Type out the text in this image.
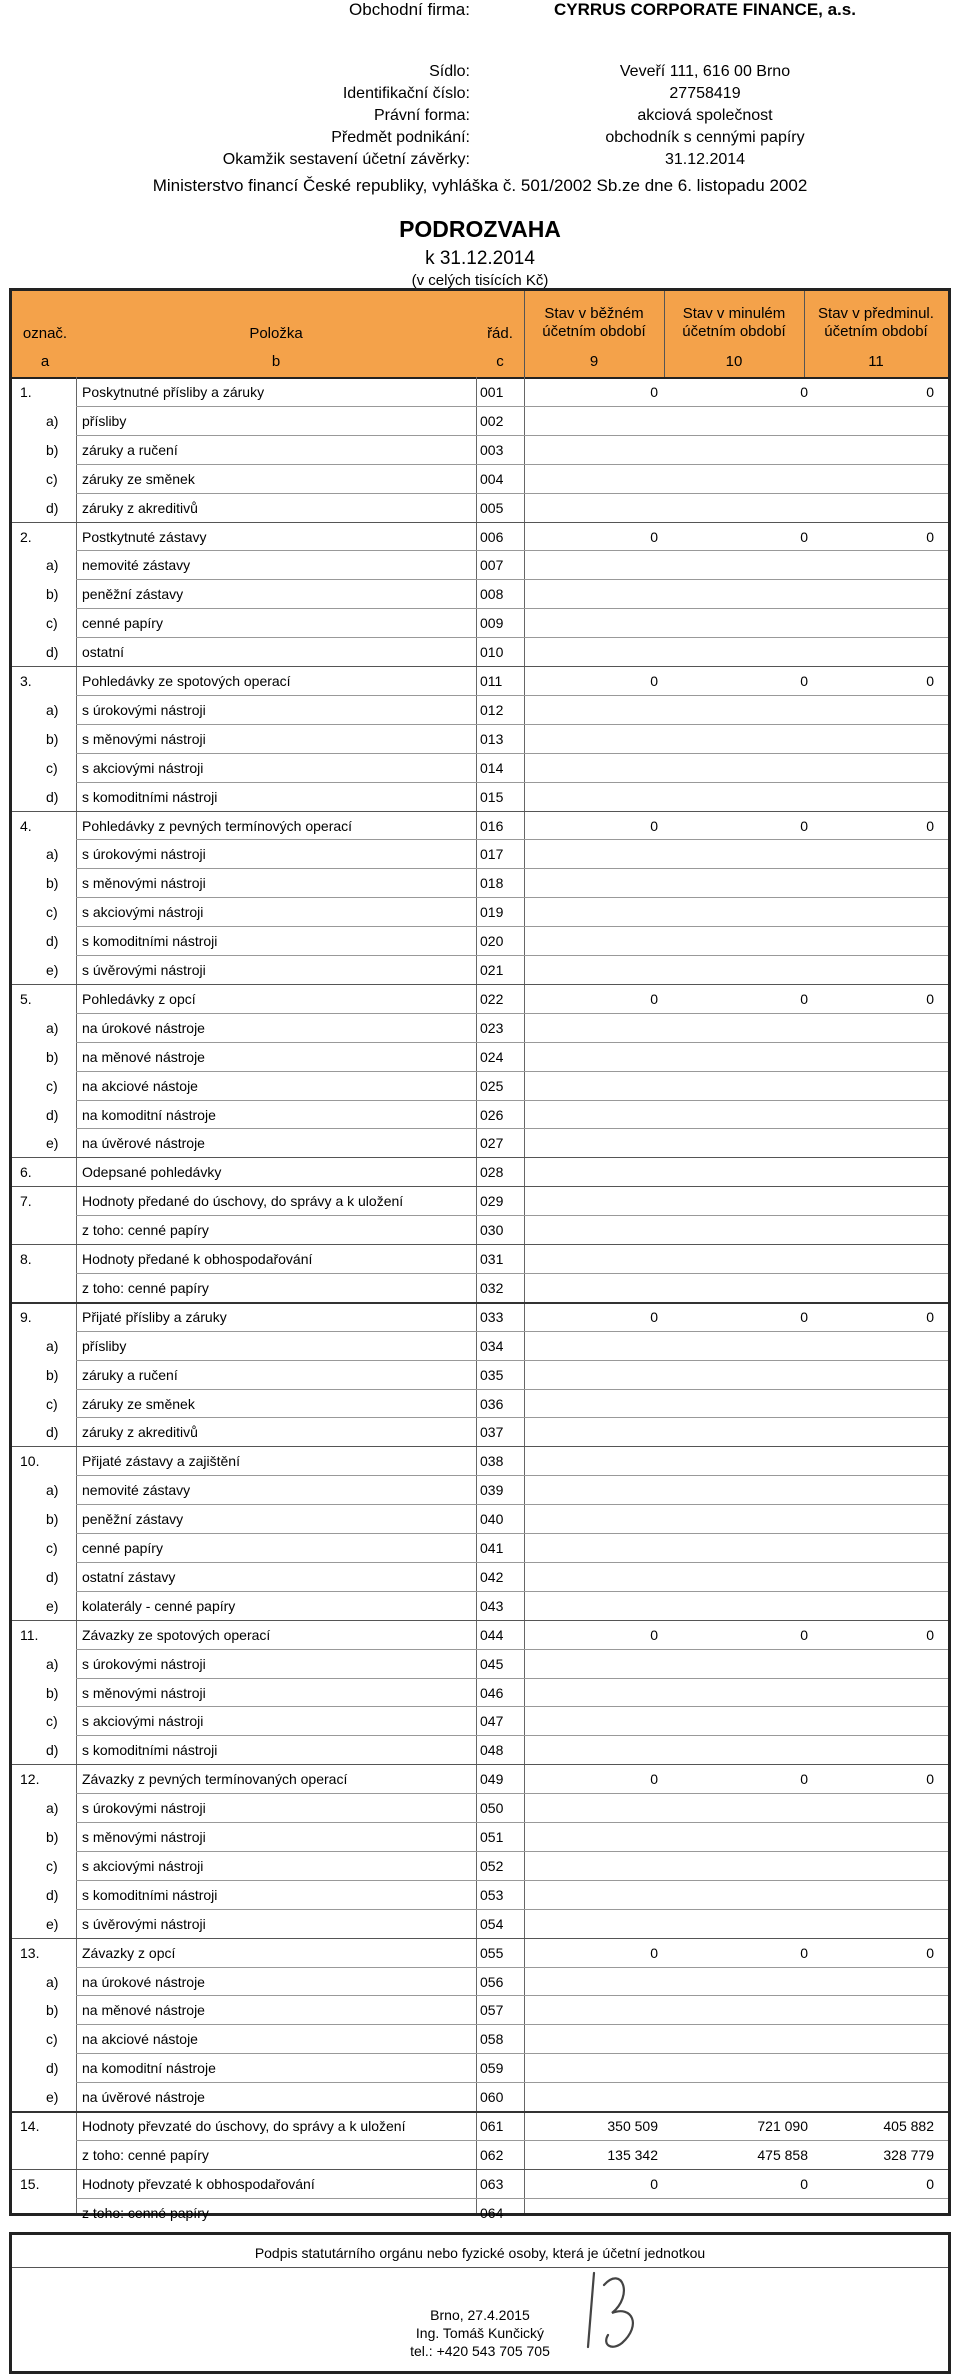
Obchodní firma:	CYRRUS CORPORATE FINANCE, a.s.
Sídlo:	Veveří 111, 616 00 Brno
Identifikační číslo:	27758419
Právní forma:	akciová společnost
Předmět podnikání:	obchodník s cennými papíry
Okamžik sestavení účetní závěrky:	31.12.2014
Ministerstvo financí České republiky, vyhláška č. 501/2002 Sb.ze dne 6. listopadu 2002
PODROZVAHA
k 31.12.2014
(v celých tisících Kč)
označ.	Položka	řád.
Stav v běžném
účetním období
Stav v minulém
účetním období
Stav v předminul.
účetním období
a	b	c	9	10	11
1.	Poskytnutné přísliby a záruky	001	0	0	0
a)	přísliby	002
b)	záruky a ručení	003
c)	záruky ze směnek	004
d)	záruky z akreditivů	005
2.	Postkytnuté zástavy	006	0	0	0
a)	nemovité zástavy	007
b)	peněžní zástavy	008
c)	cenné papíry	009
d)	ostatní	010
3.	Pohledávky ze spotových operací	011	0	0	0
a)	s úrokovými nástroji	012
b)	s měnovými nástroji	013
c)	s akciovými nástroji	014
d)	s komoditními nástroji	015
4.	Pohledávky z pevných termínových operací	016	0	0	0
a)	s úrokovými nástroji	017
b)	s měnovými nástroji	018
c)	s akciovými nástroji	019
d)	s komoditními nástroji	020
e)	s úvěrovými nástroji	021
5.	Pohledávky z opcí	022	0	0	0
a)	na úrokové nástroje	023
b)	na měnové nástroje	024
c)	na akciové nástoje	025
d)	na komoditní nástroje	026
e)	na úvěrové nástroje	027
6.	Odepsané pohledávky	028
7.	Hodnoty předané do úschovy, do správy a k uložení	029
z toho: cenné papíry	030
8.	Hodnoty předané k obhospodařování	031
z toho: cenné papíry	032
9.	Přijaté přísliby a záruky	033	0	0	0
a)	přísliby	034
b)	záruky a ručení	035
c)	záruky ze směnek	036
d)	záruky z akreditivů	037
10.	Přijaté zástavy a zajištění	038
a)	nemovité zástavy	039
b)	peněžní zástavy	040
c)	cenné papíry	041
d)	ostatní zástavy	042
e)	kolaterály - cenné papíry	043
11.	Závazky ze spotových operací	044	0	0	0
a)	s úrokovými nástroji	045
b)	s měnovými nástroji	046
c)	s akciovými nástroji	047
d)	s komoditními nástroji	048
12.	Závazky z pevných termínovaných operací	049	0	0	0
a)	s úrokovými nástroji	050
b)	s měnovými nástroji	051
c)	s akciovými nástroji	052
d)	s komoditními nástroji	053
e)	s úvěrovými nástroji	054
13.	Závazky z opcí	055	0	0	0
a)	na úrokové nástroje	056
b)	na měnové nástroje	057
c)	na akciové nástoje	058
d)	na komoditní nástroje	059
e)	na úvěrové nástroje	060
14.	Hodnoty převzaté do úschovy, do správy a k uložení	061	350 509	721 090	405 882
z toho: cenné papíry	062	135 342	475 858	328 779
15.	Hodnoty převzaté k obhospodařování	063	0	0	0
z toho: cenné papíry	064
Podpis statutárního orgánu nebo fyzické osoby, která je účetní jednotkou
Brno, 27.4.2015
Ing. Tomáš Kunčický
tel.: +420 543 705 705
